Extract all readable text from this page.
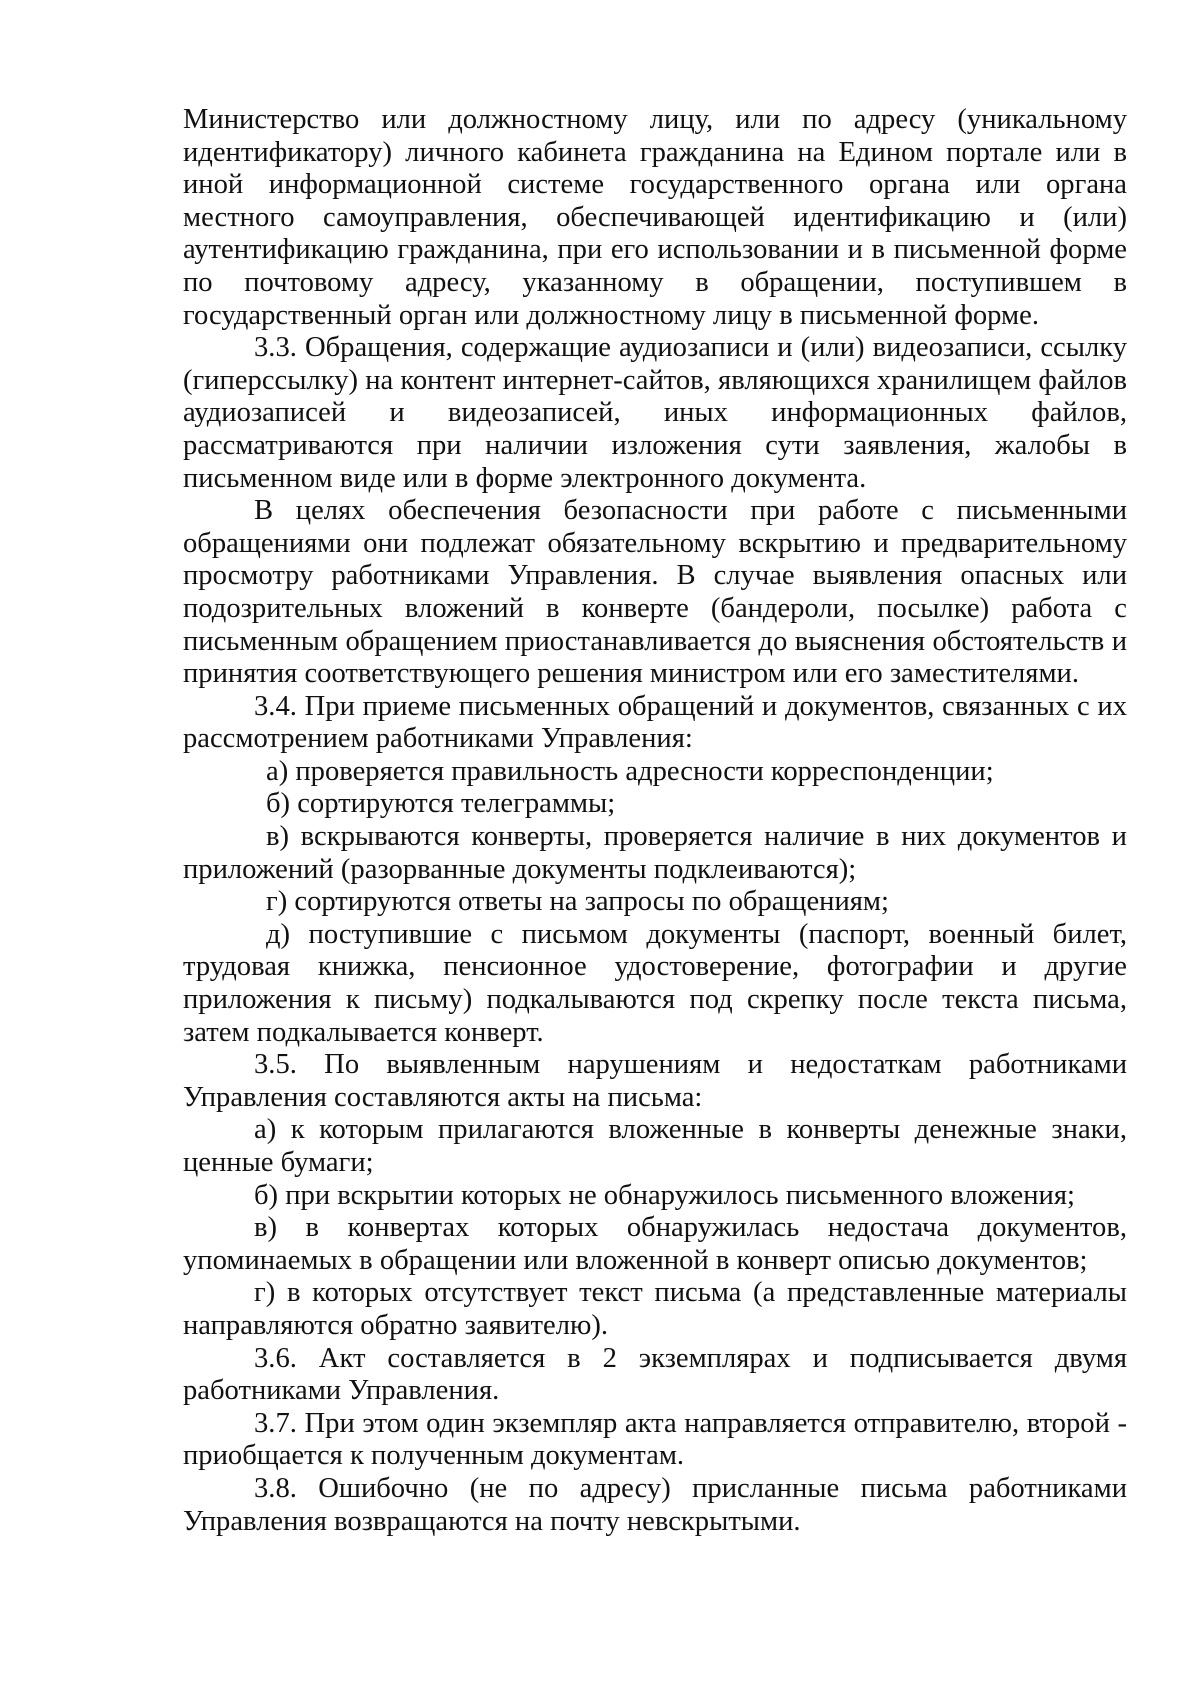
Министерство или должностному лицу, или по адресу (уникальному идентификатору) личного кабинета гражданина на Едином портале или в иной информационной системе государственного органа или органа местного самоуправления, обеспечивающей идентификацию и (или) аутентификацию гражданина, при его использовании и в письменной форме по почтовому адресу, указанному в обращении, поступившем в государственный орган или должностному лицу в письменной форме.

3.3. Обращения, содержащие аудиозаписи и (или) видеозаписи, ссылку (гиперссылку) на контент интернет-сайтов, являющихся хранилищем файлов аудиозаписей и видеозаписей, иных информационных файлов, рассматриваются при наличии изложения сути заявления, жалобы в письменном виде или в форме электронного документа.

В целях обеспечения безопасности при работе с письменными обращениями они подлежат обязательному вскрытию и предварительному просмотру работниками Управления. В случае выявления опасных или подозрительных вложений в конверте (бандероли, посылке) работа с письменным обращением приостанавливается до выяснения обстоятельств и принятия соответствующего решения министром или его заместителями.

3.4. При приеме письменных обращений и документов, связанных с их рассмотрением работниками Управления:

а) проверяется правильность адресности корреспонденции;

б) сортируются телеграммы;

в) вскрываются конверты, проверяется наличие в них документов и приложений (разорванные документы подклеиваются);

г) сортируются ответы на запросы по обращениям;

д) поступившие с письмом документы (паспорт, военный билет, трудовая книжка, пенсионное удостоверение, фотографии и другие приложения к письму) подкалываются под скрепку после текста письма, затем подкалывается конверт.

3.5. По выявленным нарушениям и недостаткам работниками Управления составляются акты на письма:

а) к которым прилагаются вложенные в конверты денежные знаки, ценные бумаги;

б) при вскрытии которых не обнаружилось письменного вложения;

в) в конвертах которых обнаружилась недостача документов, упоминаемых в обращении или вложенной в конверт описью документов;

г) в которых отсутствует текст письма (а представленные материалы направляются обратно заявителю).

3.6. Акт составляется в 2 экземплярах и подписывается двумя работниками Управления.

3.7. При этом один экземпляр акта направляется отправителю, второй - приобщается к полученным документам.

3.8. Ошибочно (не по адресу) присланные письма работниками Управления возвращаются на почту невскрытыми.
